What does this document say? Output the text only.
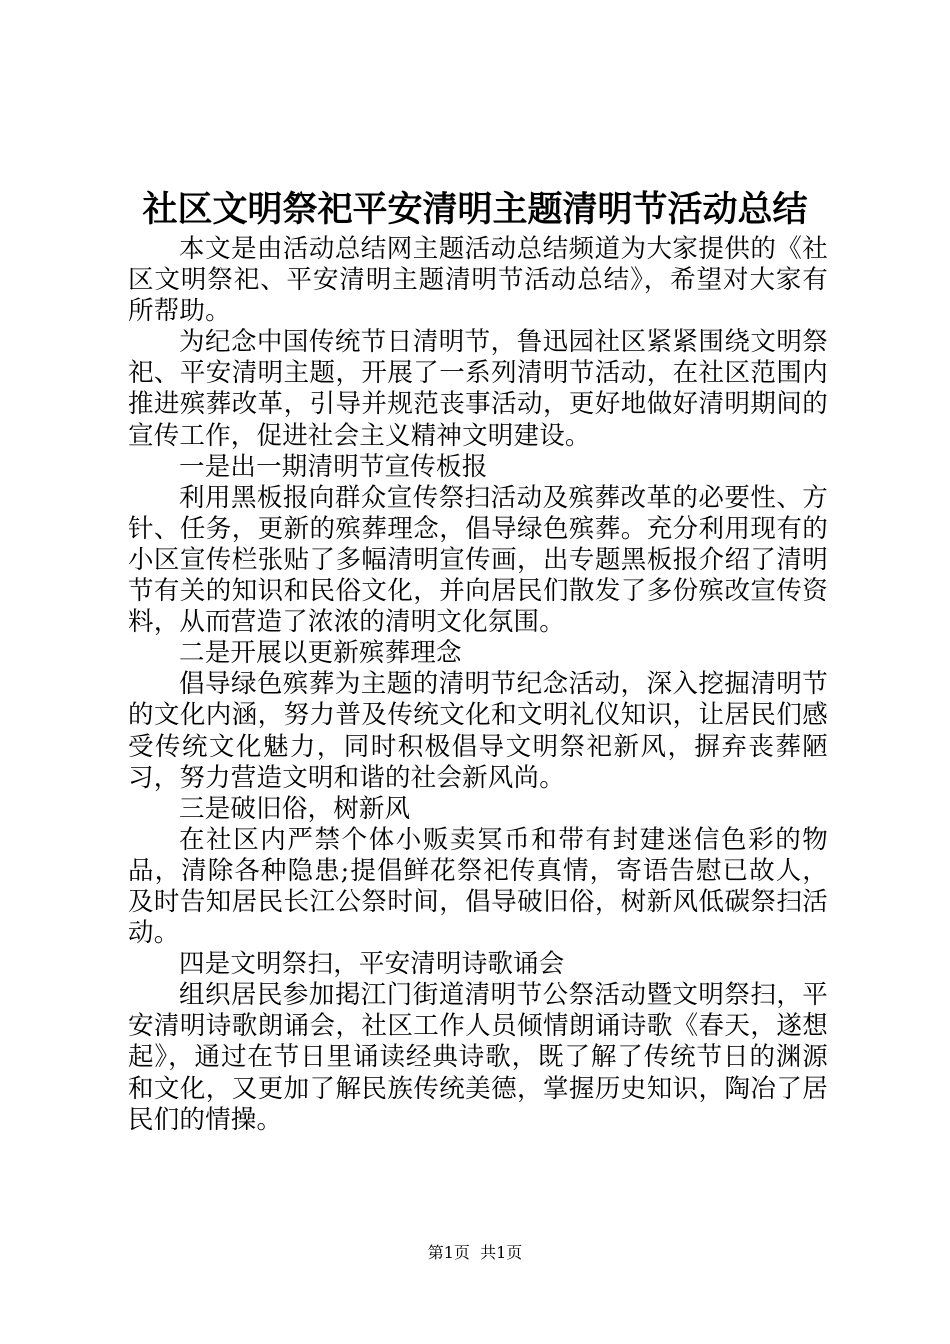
社区文明祭祀平安清明主题清明节活动总结

本文是由活动总结网主题活动总结频道为大家提供的《社区文明祭祀、平安清明主题清明节活动总结》，希望对大家有所帮助。

为纪念中国传统节日清明节，鲁迅园社区紧紧围绕文明祭祀、平安清明主题，开展了一系列清明节活动，在社区范围内推进殡葬改革，引导并规范丧事活动，更好地做好清明期间的宣传工作，促进社会主义精神文明建设。

一是出一期清明节宣传板报

利用黑板报向群众宣传祭扫活动及殡葬改革的必要性、方针、任务，更新的殡葬理念，倡导绿色殡葬。充分利用现有的小区宣传栏张贴了多幅清明宣传画，出专题黑板报介绍了清明节有关的知识和民俗文化，并向居民们散发了多份殡改宣传资料，从而营造了浓浓的清明文化氛围。

二是开展以更新殡葬理念

倡导绿色殡葬为主题的清明节纪念活动，深入挖掘清明节的文化内涵，努力普及传统文化和文明礼仪知识，让居民们感受传统文化魅力，同时积极倡导文明祭祀新风，摒弃丧葬陋习，努力营造文明和谐的社会新风尚。

三是破旧俗，树新风

在社区内严禁个体小贩卖冥币和带有封建迷信色彩的物品，清除各种隐患;提倡鲜花祭祀传真情，寄语告慰已故人，及时告知居民长江公祭时间，倡导破旧俗，树新风低碳祭扫活动。

四是文明祭扫，平安清明诗歌诵会

组织居民参加掲江门街道清明节公祭活动暨文明祭扫，平安清明诗歌朗诵会，社区工作人员倾情朗诵诗歌《春天，遂想起》，通过在节日里诵读经典诗歌，既了解了传统节日的渊源和文化，又更加了解民族传统美德，掌握历史知识，陶冶了居民们的情操。

第1页  共1页
